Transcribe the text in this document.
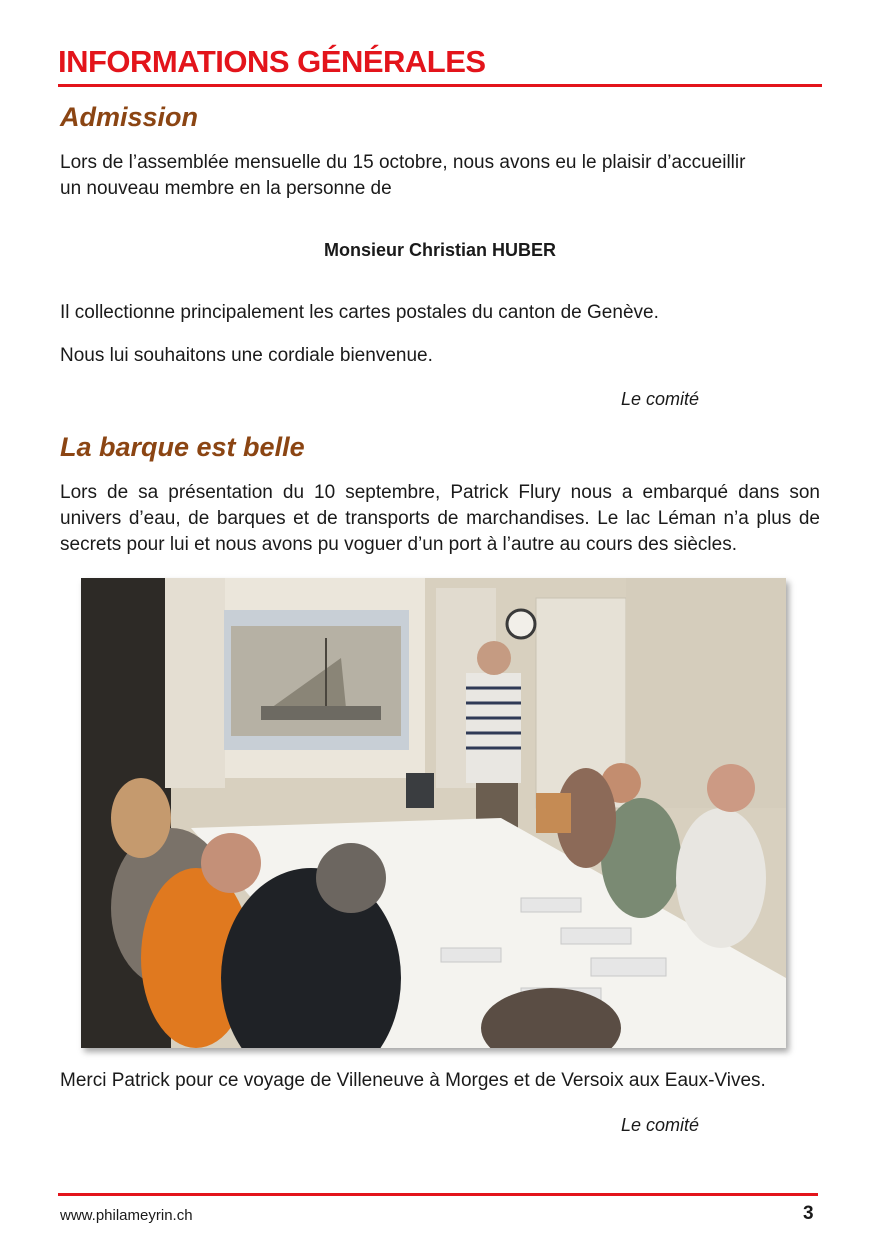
INFORMATIONS GÉNÉRALES
Admission

Lors de l’assemblée mensuelle du 15 octobre, nous avons eu le plaisir d’accueillir

un nouveau membre en la personne de

Monsieur Christian HUBER

Il collectionne principalement les cartes postales du canton de Genève.

Nous lui souhaitons une cordiale bienvenue.

Le comité

La barque est belle

Lors de sa présentation du 10 septembre, Patrick Flury nous a embarqué dans son univers d’eau, de barques et de transports de marchandises. Le lac Léman n’a plus de secrets pour lui et nous avons pu voguer d’un port à l’autre au cours des siècles.

Merci Patrick pour ce voyage de Villeneuve à Morges et de Versoix aux Eaux-Vives.

Le comité

www.philameyrin.ch	3
